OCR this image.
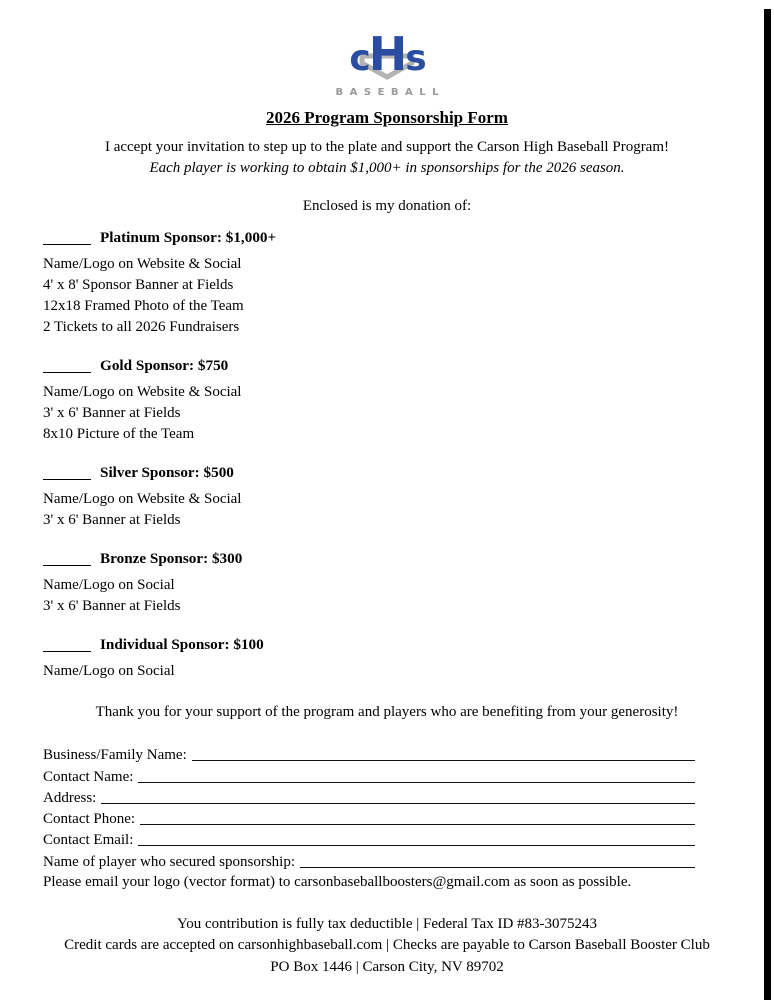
cHs
BASEBALL
2026 Program Sponsorship Form
I accept your invitation to step up to the plate and support the Carson High Baseball Program!
Each player is working to obtain $1,000+ in sponsorships for the 2026 season.
Enclosed is my donation of:
Platinum Sponsor: $1,000+
Name/Logo on Website & Social
4' x 8' Sponsor Banner at Fields
12x18 Framed Photo of the Team
2 Tickets to all 2026 Fundraisers
Gold Sponsor: $750
Name/Logo on Website & Social
3' x 6' Banner at Fields
8x10 Picture of the Team
Silver Sponsor: $500
Name/Logo on Website & Social
3' x 6' Banner at Fields
Bronze Sponsor: $300
Name/Logo on Social
3' x 6' Banner at Fields
Individual Sponsor: $100
Name/Logo on Social
Thank you for your support of the program and players who are benefiting from your generosity!
Business/Family Name:
Contact Name:
Address:
Contact Phone:
Contact Email:
Name of player who secured sponsorship:
Please email your logo (vector format) to carsonbaseballboosters@gmail.com as soon as possible.
You contribution is fully tax deductible | Federal Tax ID #83-3075243
Credit cards are accepted on carsonhighbaseball.com | Checks are payable to Carson Baseball Booster Club
PO Box 1446 | Carson City, NV 89702
